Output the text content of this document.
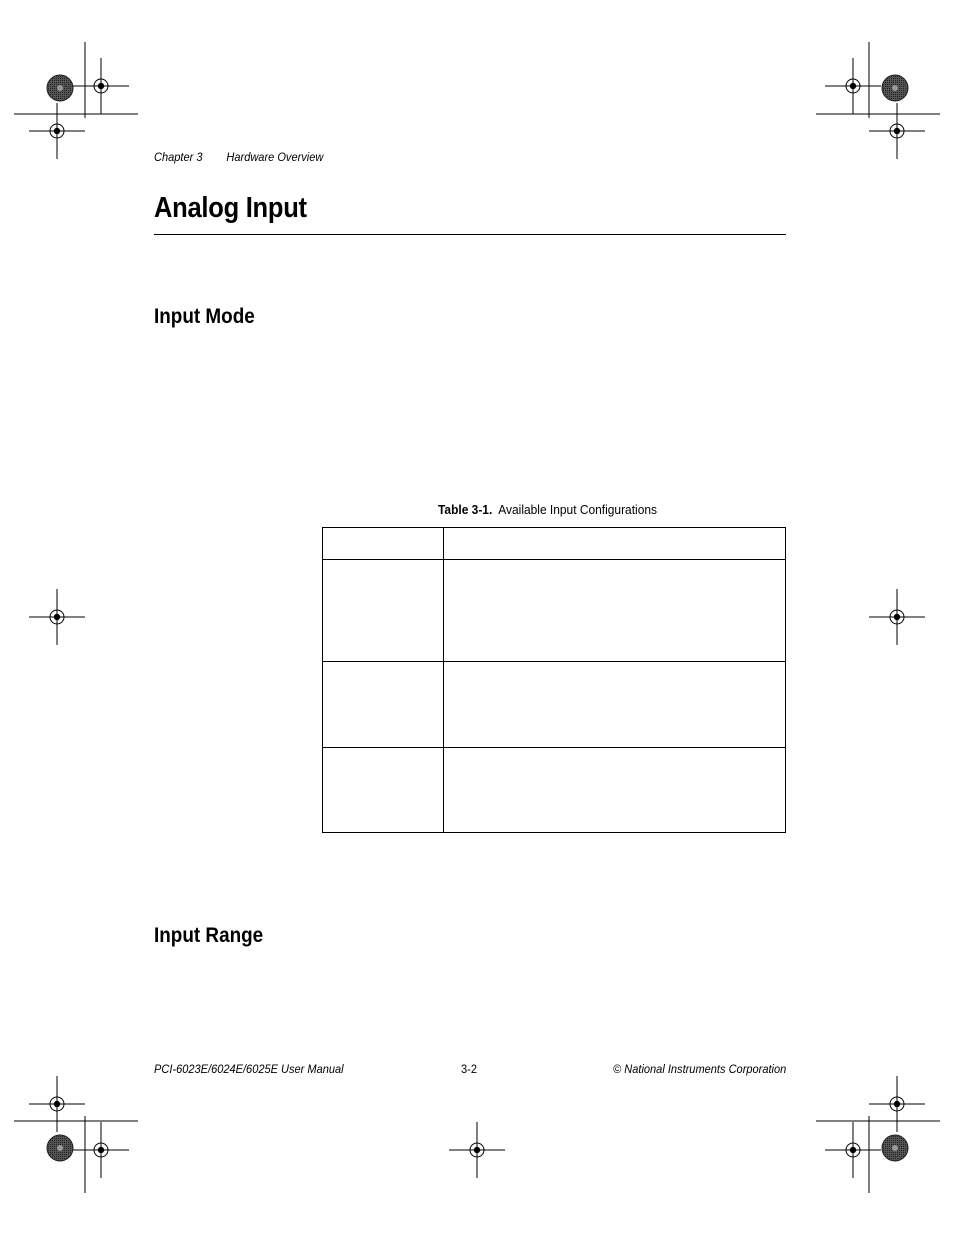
Chapter 3 Hardware Overview
Analog Input
Input Mode
Table 3-1. Available Input Configurations
Input Range
PCI-6023E/6024E/6025E User Manual	3-2	© National Instruments Corporation
